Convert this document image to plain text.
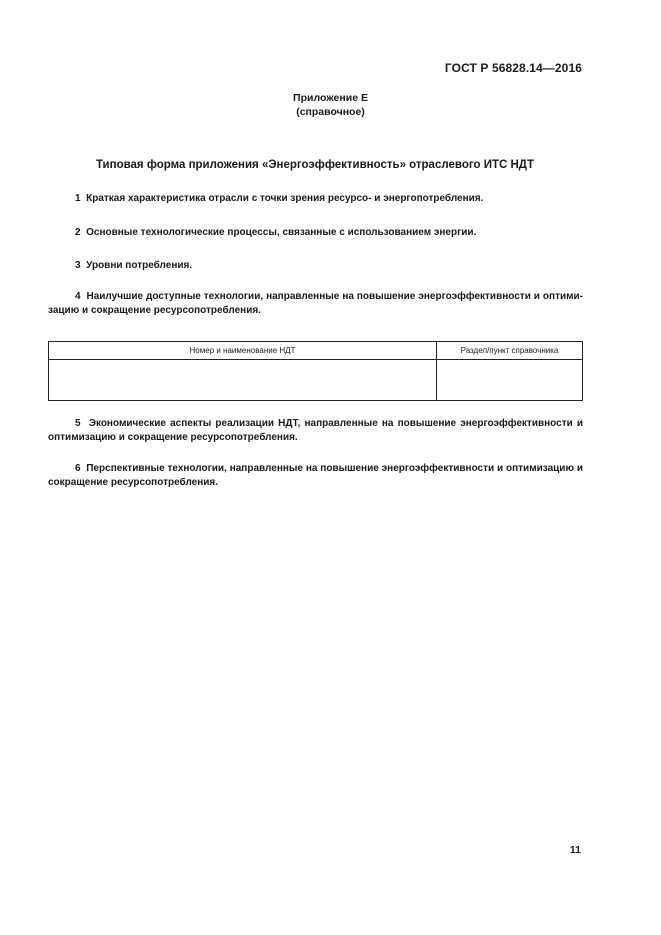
ГОСТ Р 56828.14—2016
Приложение Е
(справочное)
Типовая форма приложения «Энергоэффективность» отраслевого ИТС НДТ
1 Краткая характеристика отрасли с точки зрения ресурсо- и энергопотребления.
2 Основные технологические процессы, связанные с использованием энергии.
3 Уровни потребления.
4 Наилучшие доступные технологии, направленные на повышение энергоэффективности и оптимизацию и сокращение ресурсопотребления.
Номер и наименование НДТ	Раздел/пункт справочника

5 Экономические аспекты реализации НДТ, направленные на повышение энергоэффективности и оптимизацию и сокращение ресурсопотребления.
6 Перспективные технологии, направленные на повышение энергоэффективности и оптимизацию и сокращение ресурсопотребления.
11
